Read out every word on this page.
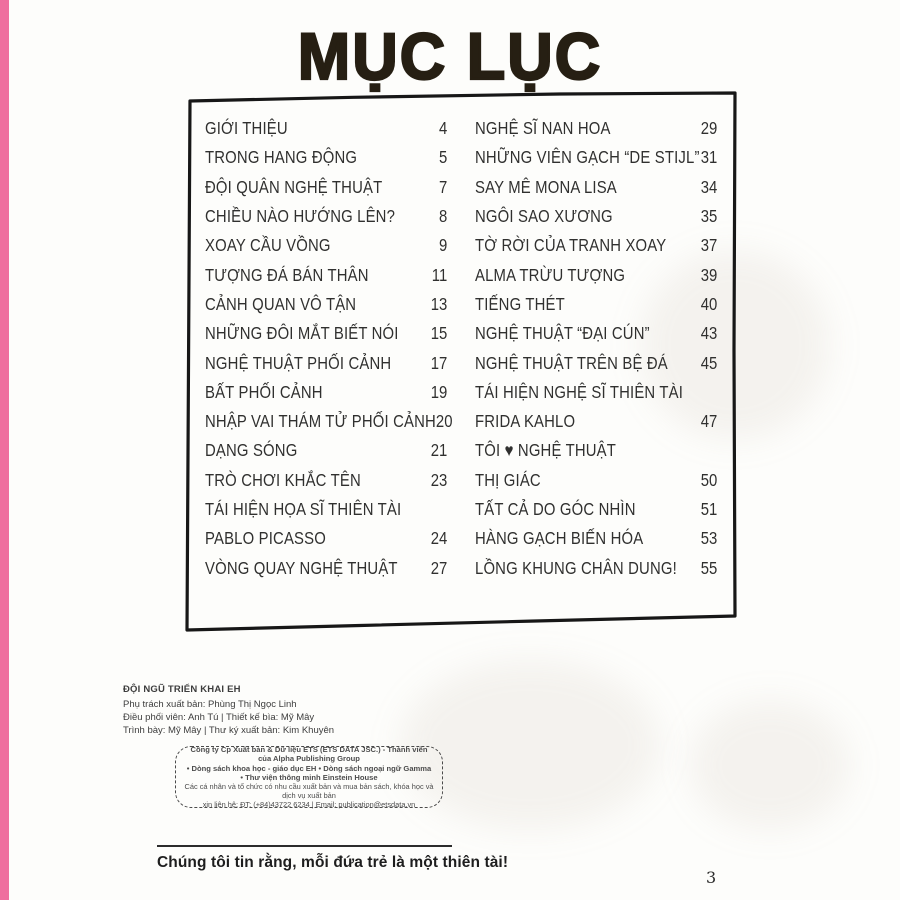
MỤC LỤC
GIỚI THIỆU	4
TRONG HANG ĐỘNG	5
ĐỘI QUÂN NGHỆ THUẬT	7
CHIỀU NÀO HƯỚNG LÊN?	8
XOAY CẦU VỒNG	9
TƯỢNG ĐÁ BÁN THÂN	11
CẢNH QUAN VÔ TẬN	13
NHỮNG ĐÔI MẮT BIẾT NÓI 15
NGHỆ THUẬT PHỐI CẢNH 17
BẤT PHỐI CẢNH	19
NHẬP VAI THÁM TỬ PHỐI CẢNH 20
DẠNG SÓNG	21
TRÒ CHƠI KHẮC TÊN	23
TÁI HIỆN HỌA SĨ THIÊN TÀI
PABLO PICASSO	24
VÒNG QUAY NGHỆ THUẬT 27
NGHỆ SĨ NAN HOA	29
NHỮNG VIÊN GẠCH “DE STIJL” 31
SAY MÊ MONA LISA	34
NGÔI SAO XƯƠNG	35
TỜ RỜI CỦA TRANH XOAY 37
ALMA TRỪU TƯỢNG	39
TIẾNG THÉT	40
NGHỆ THUẬT “ĐẠI CÚN”	43
NGHỆ THUẬT TRÊN BỆ ĐÁ 45
TÁI HIỆN NGHỆ SĨ THIÊN TÀI
FRIDA KAHLO	47
TÔI ♥ NGHỆ THUẬT
THỊ GIÁC	50
TẤT CẢ DO GÓC NHÌN	51
HÀNG GẠCH BIẾN HÓA	53
LỒNG KHUNG CHÂN DUNG! 55
ĐỘI NGŨ TRIỂN KHAI EH
Phụ trách xuất bản: Phùng Thị Ngọc Linh
Điều phối viên: Anh Tú | Thiết kế bìa: Mỹ Mây
Trình bày: Mỹ Mây | Thư ký xuất bản: Kim Khuyên
Công ty Cp Xuất bản & Dữ liệu ETS (ETS DATA JSC.) - Thành viên của Alpha Publishing Group
• Dòng sách khoa học - giáo dục EH • Dòng sách ngoại ngữ Gamma
• Thư viện thông minh Einstein House
Các cá nhân và tổ chức có nhu cầu xuất bản và mua bản sách, khóa học và dịch vụ xuất bản
xin liên hệ: ĐT: (+84)43722 6234 | Email: publication@etsdata.vn
Chúng tôi tin rằng, mỗi đứa trẻ là một thiên tài!
3
